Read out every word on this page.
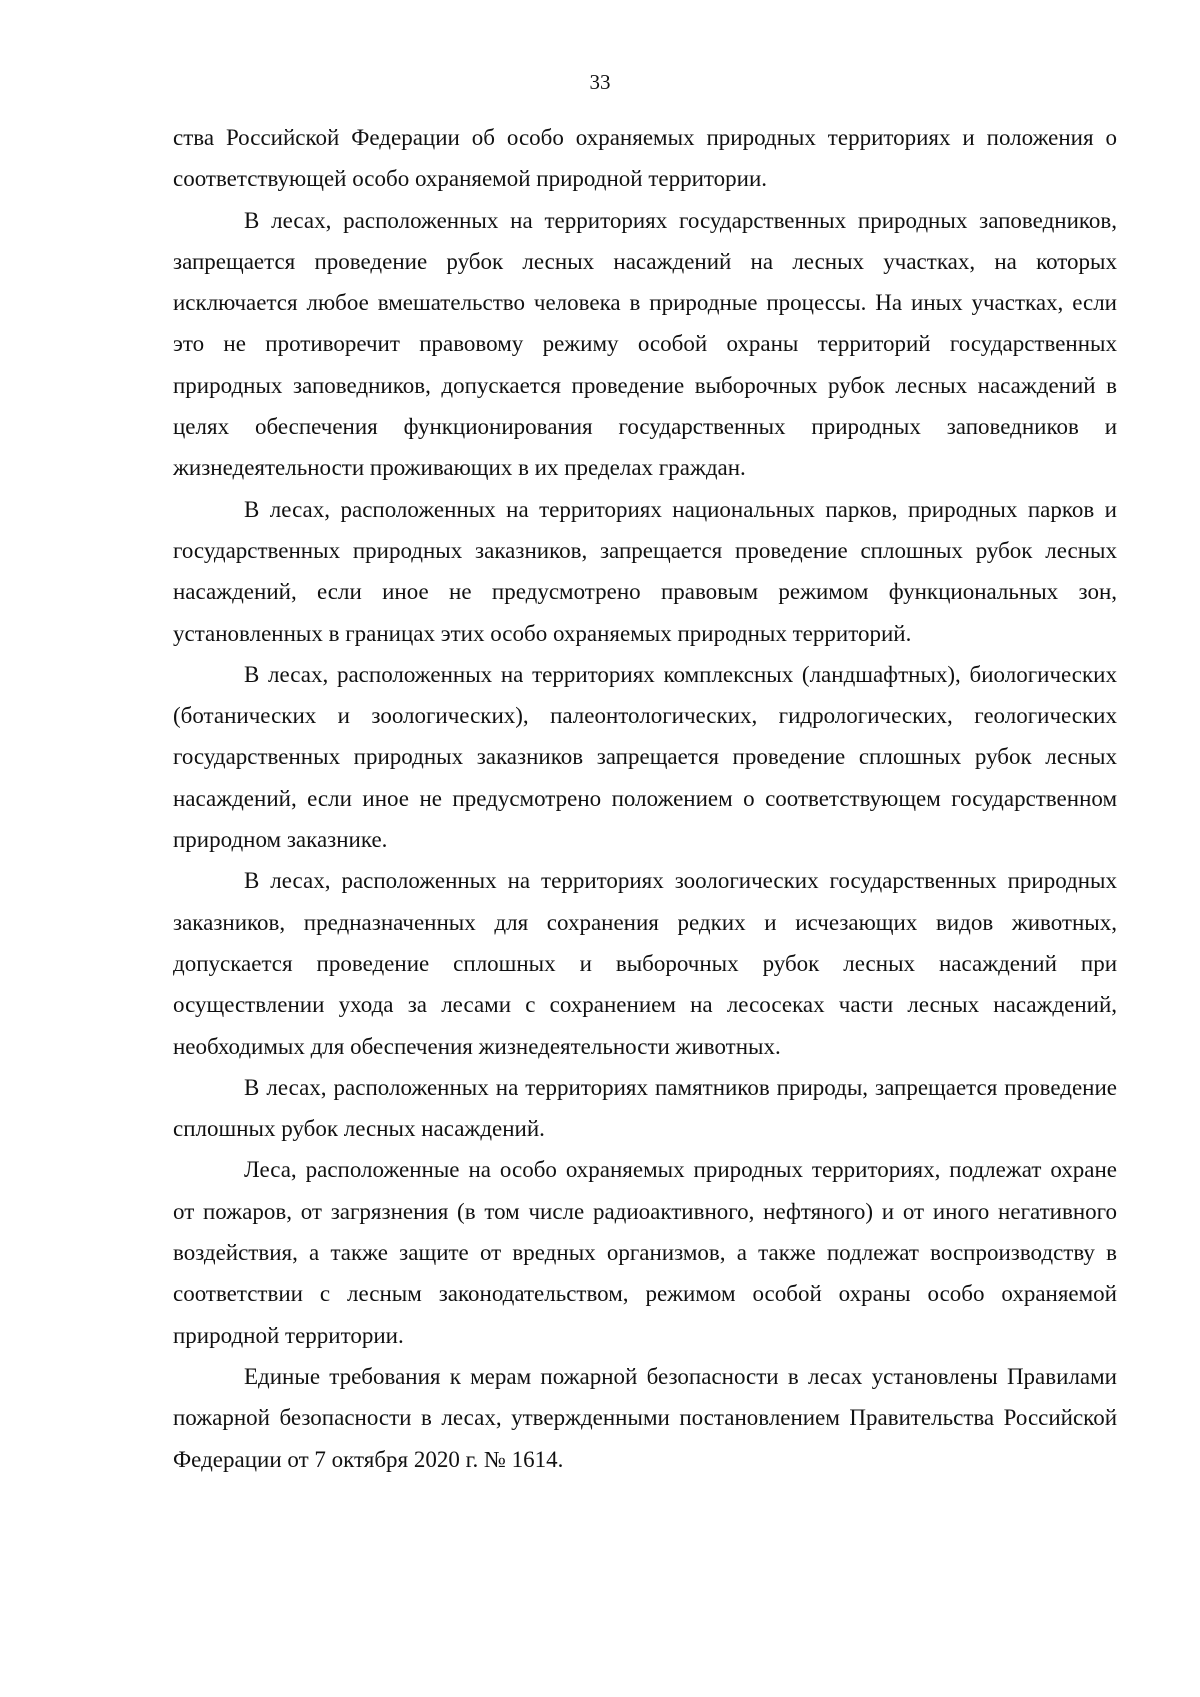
33

ства Российской Федерации об особо охраняемых природных территориях и положения о соответствующей особо охраняемой природной территории.

В лесах, расположенных на территориях государственных природных заповедников, запрещается проведение рубок лесных насаждений на лесных участках, на которых исключается любое вмешательство человека в природные процессы. На иных участках, если это не противоречит правовому режиму особой охраны территорий государственных природных заповедников, допускается проведение выборочных рубок лесных насаждений в целях обеспечения функционирования государственных природных заповедников и жизнедеятельности проживающих в их пределах граждан.

В лесах, расположенных на территориях национальных парков, природных парков и государственных природных заказников, запрещается проведение сплошных рубок лесных насаждений, если иное не предусмотрено правовым режимом функциональных зон, установленных в границах этих особо охраняемых природных территорий.

В лесах, расположенных на территориях комплексных (ландшафтных), биологических (ботанических и зоологических), палеонтологических, гидрологических, геологических государственных природных заказников запрещается проведение сплошных рубок лесных насаждений, если иное не предусмотрено положением о соответствующем государственном природном заказнике.

В лесах, расположенных на территориях зоологических государственных природных заказников, предназначенных для сохранения редких и исчезающих видов животных, допускается проведение сплошных и выборочных рубок лесных насаждений при осуществлении ухода за лесами с сохранением на лесосеках части лесных насаждений, необходимых для обеспечения жизнедеятельности животных.

В лесах, расположенных на территориях памятников природы, запрещается проведение сплошных рубок лесных насаждений.

Леса, расположенные на особо охраняемых природных территориях, подлежат охране от пожаров, от загрязнения (в том числе радиоактивного, нефтяного) и от иного негативного воздействия, а также защите от вредных организмов, а также подлежат воспроизводству в соответствии с лесным законодательством, режимом особой охраны особо охраняемой природной территории.

Единые требования к мерам пожарной безопасности в лесах установлены Правилами пожарной безопасности в лесах, утвержденными постановлением Правительства Российской Федерации от 7 октября 2020 г. № 1614.
